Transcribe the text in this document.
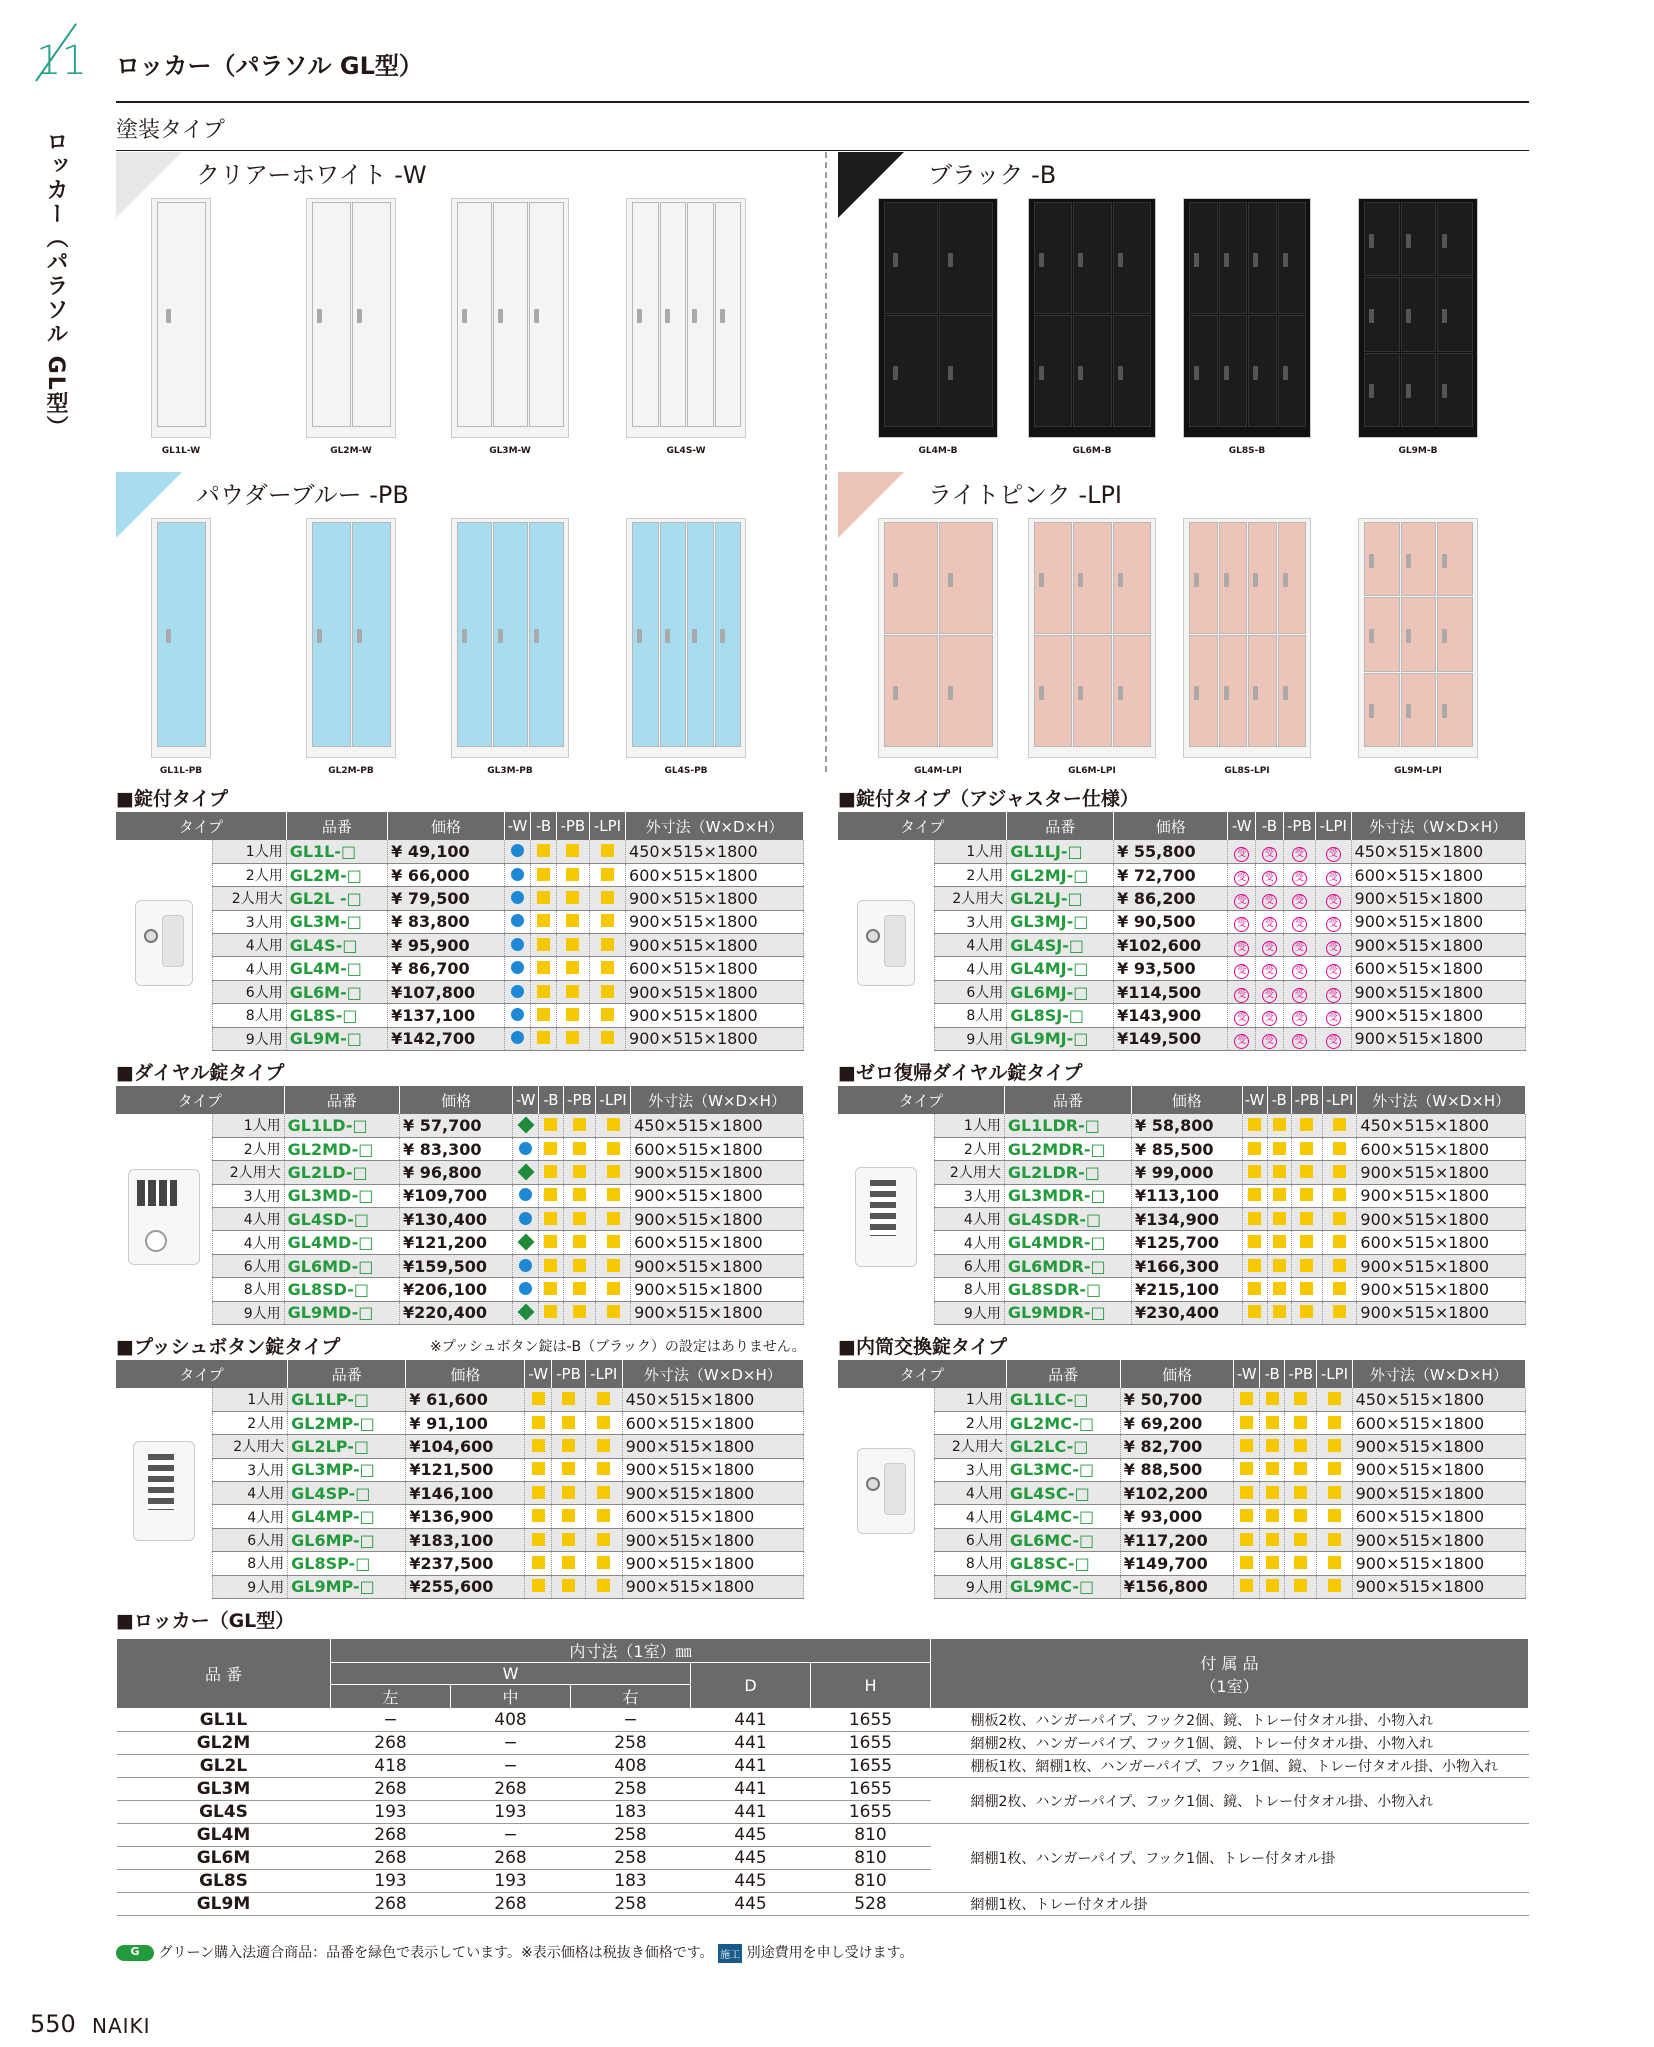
11
ロッカー（パラソル GL型）
ロッカー（パラソル GL型）
塗装タイプ
クリアーホワイト -W
GL1L-W	GL2M-W	GL3M-W	GL4S-W
ブラック -B
GL4M-B	GL6M-B	GL8S-B	GL9M-B
パウダーブルー -PB
GL1L-PB	GL2M-PB	GL3M-PB	GL4S-PB
ライトピンク -LPI
GL4M-LPI	GL6M-LPI	GL8S-LPI	GL9M-LPI
■錠付タイプ	■錠付タイプ（アジャスター仕様）
■ダイヤル錠タイプ	■ゼロ復帰ダイヤル錠タイプ
■プッシュボタン錠タイプ	※プッシュボタン錠は-B（ブラック）の設定はありません。 ■内筒交換錠タイプ
■ロッカー（GL型）
タイプ		品番	価格	-W	-B	-PB	-LPI	外寸法（W×D×H）

	1人用	GL1L-□	¥ 49,100					450×515×1800
	2人用	GL2M-□	¥ 66,000					600×515×1800
	2人用大	GL2L -□	¥ 79,500					900×515×1800
	3人用	GL3M-□	¥ 83,800					900×515×1800
	4人用	GL4S-□	¥ 95,900					900×515×1800
	4人用	GL4M-□	¥ 86,700					600×515×1800
	6人用	GL6M-□	¥107,800					900×515×1800
	8人用	GL8S-□	¥137,100					900×515×1800
	9人用	GL9M-□	¥142,700					900×515×1800
タイプ		品番	価格	-W	-B	-PB	-LPI	外寸法（W×D×H）

	1人用	GL1LJ-□	¥ 55,800	受	受	受	受	450×515×1800
	2人用	GL2MJ-□	¥ 72,700	受	受	受	受	600×515×1800
	2人用大	GL2LJ-□	¥ 86,200	受	受	受	受	900×515×1800
	3人用	GL3MJ-□	¥ 90,500	受	受	受	受	900×515×1800
	4人用	GL4SJ-□	¥102,600	受	受	受	受	900×515×1800
	4人用	GL4MJ-□	¥ 93,500	受	受	受	受	600×515×1800
	6人用	GL6MJ-□	¥114,500	受	受	受	受	900×515×1800
	8人用	GL8SJ-□	¥143,900	受	受	受	受	900×515×1800
	9人用	GL9MJ-□	¥149,500	受	受	受	受	900×515×1800
タイプ		品番	価格	-W	-B	-PB	-LPI	外寸法（W×D×H）

	1人用	GL1LD-□	¥ 57,700					450×515×1800
	2人用	GL2MD-□	¥ 83,300					600×515×1800
	2人用大	GL2LD-□	¥ 96,800					900×515×1800
	3人用	GL3MD-□	¥109,700					900×515×1800
	4人用	GL4SD-□	¥130,400					900×515×1800
	4人用	GL4MD-□	¥121,200					600×515×1800
	6人用	GL6MD-□	¥159,500					900×515×1800
	8人用	GL8SD-□	¥206,100					900×515×1800
	9人用	GL9MD-□	¥220,400					900×515×1800
タイプ		品番	価格	-W	-B	-PB	-LPI	外寸法（W×D×H）

	1人用	GL1LDR-□	¥ 58,800					450×515×1800
	2人用	GL2MDR-□	¥ 85,500					600×515×1800
	2人用大	GL2LDR-□	¥ 99,000					900×515×1800
	3人用	GL3MDR-□	¥113,100					900×515×1800
	4人用	GL4SDR-□	¥134,900					900×515×1800
	4人用	GL4MDR-□	¥125,700					600×515×1800
	6人用	GL6MDR-□	¥166,300					900×515×1800
	8人用	GL8SDR-□	¥215,100					900×515×1800
	9人用	GL9MDR-□	¥230,400					900×515×1800
タイプ		品番	価格	-W	-PB	-LPI	外寸法（W×D×H）

	1人用	GL1LP-□	¥ 61,600				450×515×1800
	2人用	GL2MP-□	¥ 91,100				600×515×1800
	2人用大	GL2LP-□	¥104,600				900×515×1800
	3人用	GL3MP-□	¥121,500				900×515×1800
	4人用	GL4SP-□	¥146,100				900×515×1800
	4人用	GL4MP-□	¥136,900				600×515×1800
	6人用	GL6MP-□	¥183,100				900×515×1800
	8人用	GL8SP-□	¥237,500				900×515×1800
	9人用	GL9MP-□	¥255,600				900×515×1800
タイプ		品番	価格	-W	-B	-PB	-LPI	外寸法（W×D×H）

	1人用	GL1LC-□	¥ 50,700					450×515×1800
	2人用	GL2MC-□	¥ 69,200					600×515×1800
	2人用大	GL2LC-□	¥ 82,700					900×515×1800
	3人用	GL3MC-□	¥ 88,500					900×515×1800
	4人用	GL4SC-□	¥102,200					900×515×1800
	4人用	GL4MC-□	¥ 93,000					600×515×1800
	6人用	GL6MC-□	¥117,200					900×515×1800
	8人用	GL8SC-□	¥149,700					900×515×1800
	9人用	GL9MC-□	¥156,800					900×515×1800
品 番	内寸法（1室）㎜					付 属 品
（1室）
	W			D	H	
	左	中	右			
GL1L	−	408	−	441	1655	棚板2枚、ハンガーパイプ、フック2個、鏡、トレー付タオル掛、小物入れ
GL2M	268	−	258	441	1655	網棚2枚、ハンガーパイプ、フック1個、鏡、トレー付タオル掛、小物入れ
GL2L	418	−	408	441	1655	棚板1枚、網棚1枚、ハンガーパイプ、フック1個、鏡、トレー付タオル掛、小物入れ
GL3M	268	268	258	441	1655	網棚2枚、ハンガーパイプ、フック1個、鏡、トレー付タオル掛、小物入れ
GL4S	193	193	183	441	1655	
GL4M	268	−	258	445	810	網棚1枚、ハンガーパイプ、フック1個、トレー付タオル掛
GL6M	268	268	258	445	810	
GL8S	193	193	183	445	810	
GL9M	268	268	258	445	528	網棚1枚、トレー付タオル掛
G グリーン購入法適合商品：品番を緑色で表示しています。※表示価格は税抜き価格です。 施工 別途費用を申し受けます。
550 NAIKI
